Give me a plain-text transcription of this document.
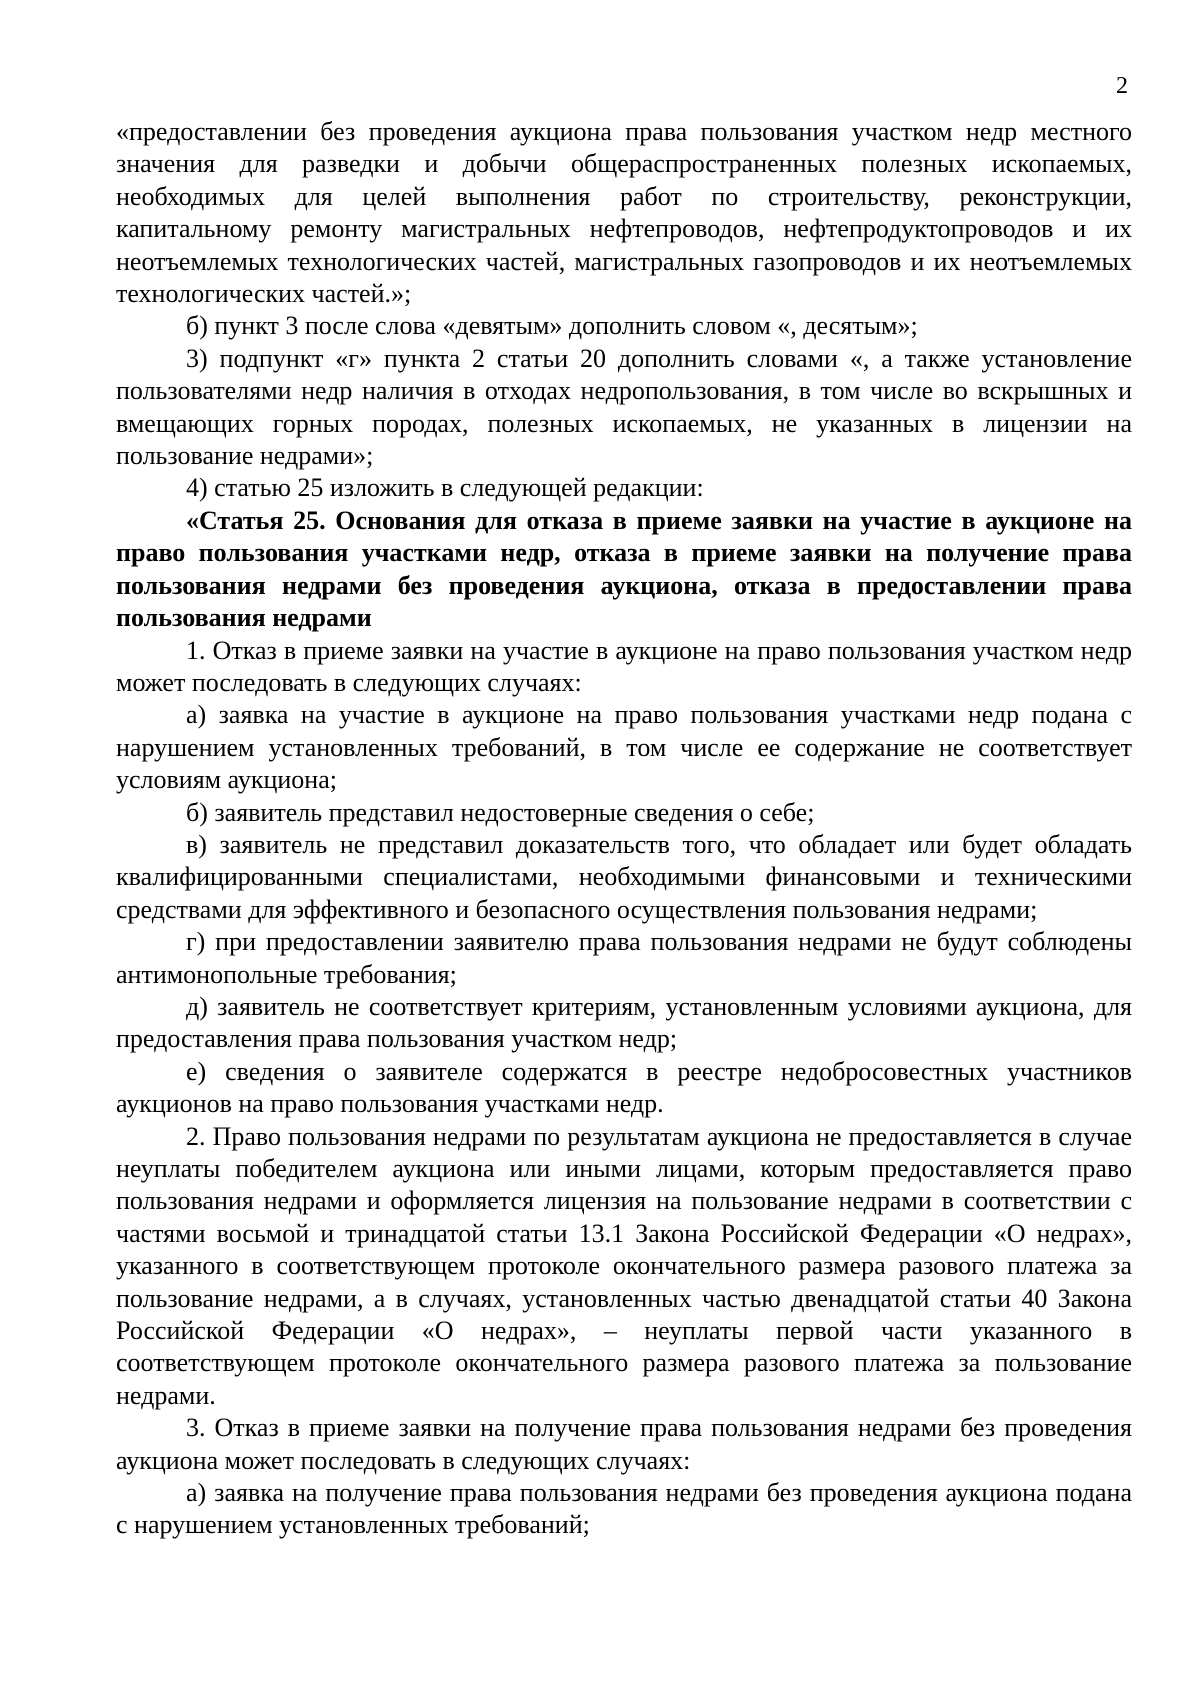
2

«предоставлении без проведения аукциона права пользования участком недр местного значения для разведки и добычи общераспространенных полезных ископаемых, необходимых для целей выполнения работ по строительству, реконструкции, капитальному ремонту магистральных нефтепроводов, нефтепродуктопроводов и их неотъемлемых технологических частей, магистральных газопроводов и их неотъемлемых технологических частей.»;

б) пункт 3 после слова «девятым» дополнить словом «, десятым»;

3) подпункт «г» пункта 2 статьи 20 дополнить словами «, а также установление пользователями недр наличия в отходах недропользования, в том числе во вскрышных и вмещающих горных породах, полезных ископаемых, не указанных в лицензии на пользование недрами»;

4) статью 25 изложить в следующей редакции:

«Статья 25. Основания для отказа в приеме заявки на участие в аукционе на право пользования участками недр, отказа в приеме заявки на получение права пользования недрами без проведения аукциона, отказа в предоставлении права пользования недрами

1. Отказ в приеме заявки на участие в аукционе на право пользования участком недр может последовать в следующих случаях:

а) заявка на участие в аукционе на право пользования участками недр подана с нарушением установленных требований, в том числе ее содержание не соответствует условиям аукциона;

б) заявитель представил недостоверные сведения о себе;

в) заявитель не представил доказательств того, что обладает или будет обладать квалифицированными специалистами, необходимыми финансовыми и техническими средствами для эффективного и безопасного осуществления пользования недрами;

г) при предоставлении заявителю права пользования недрами не будут соблюдены антимонопольные требования;

д) заявитель не соответствует критериям, установленным условиями аукциона, для предоставления права пользования участком недр;

е) сведения о заявителе содержатся в реестре недобросовестных участников аукционов на право пользования участками недр.

2. Право пользования недрами по результатам аукциона не предоставляется в случае неуплаты победителем аукциона или иными лицами, которым предоставляется право пользования недрами и оформляется лицензия на пользование недрами в соответствии с частями восьмой и тринадцатой статьи 13.1 Закона Российской Федерации «О недрах», указанного в соответствующем протоколе окончательного размера разового платежа за пользование недрами, а в случаях, установленных частью двенадцатой статьи 40 Закона Российской Федерации «О недрах», – неуплаты первой части указанного в соответствующем протоколе окончательного размера разового платежа за пользование недрами.

3. Отказ в приеме заявки на получение права пользования недрами без проведения аукциона может последовать в следующих случаях:

а) заявка на получение права пользования недрами без проведения аукциона подана с нарушением установленных требований;
